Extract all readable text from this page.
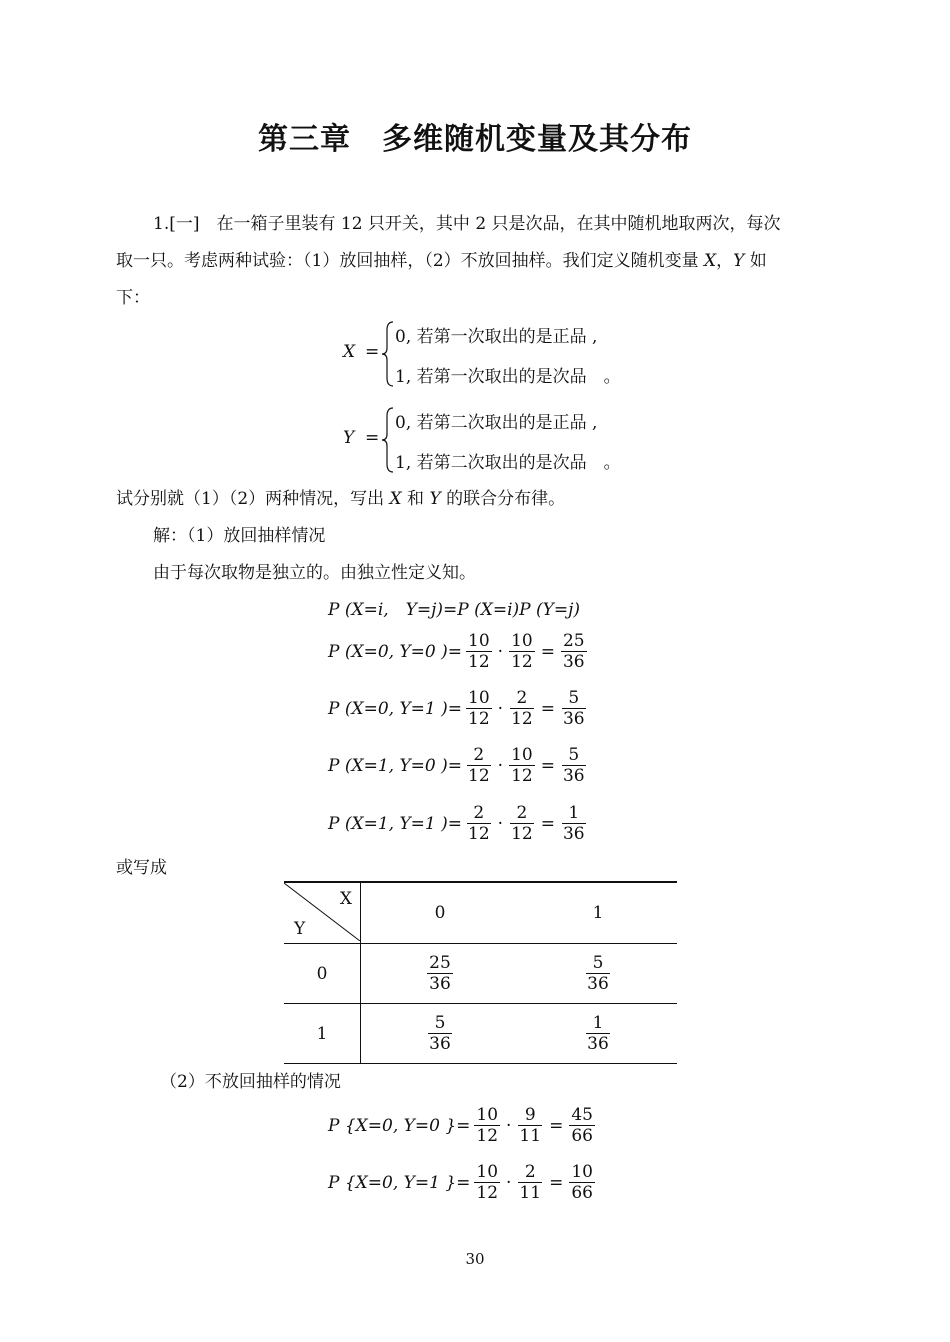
第三章　多维随机变量及其分布
1.[一]　在一箱子里装有 12 只开关，其中 2 只是次品，在其中随机地取两次，每次
取一只。考虑两种试验：（1）放回抽样，（2）不放回抽样。我们定义随机变量 X，Y 如
下：
X =
0, 若第一次取出的是正品 ,
1, 若第一次取出的是次品　。
Y =
0, 若第二次取出的是正品 ,
1, 若第二次取出的是次品　。
试分别就（1）（2）两种情况，写出 X 和 Y 的联合分布律。
解：（1）放回抽样情况
由于每次取物是独立的。由独立性定义知。
P (X=i,　Y=j)=P (X=i)P (Y=j)
P (X=0, Y=0 )= $\frac{10}{12} \cdot \frac{10}{12} = \frac{25}{36}$
P (X=0, Y=1 )= $\frac{10}{12} \cdot \frac{2}{12} = \frac{5}{36}$
P (X=1, Y=0 )= $\frac{2}{12} \cdot \frac{10}{12} = \frac{5}{36}$
P (X=1, Y=1 )= $\frac{2}{12} \cdot \frac{2}{12} = \frac{1}{36}$
或写成
X
Y	0	1
0	$\frac{25}{36}$	$\frac{5}{36}$

1	$\frac{5}{36}$	$\frac{1}{36}$
（2）不放回抽样的情况
P {X=0, Y=0 }= $\frac{10}{12} \cdot \frac{9}{11} = \frac{45}{66}$
P {X=0, Y=1 }= $\frac{10}{12} \cdot \frac{2}{11} = \frac{10}{66}$
30
